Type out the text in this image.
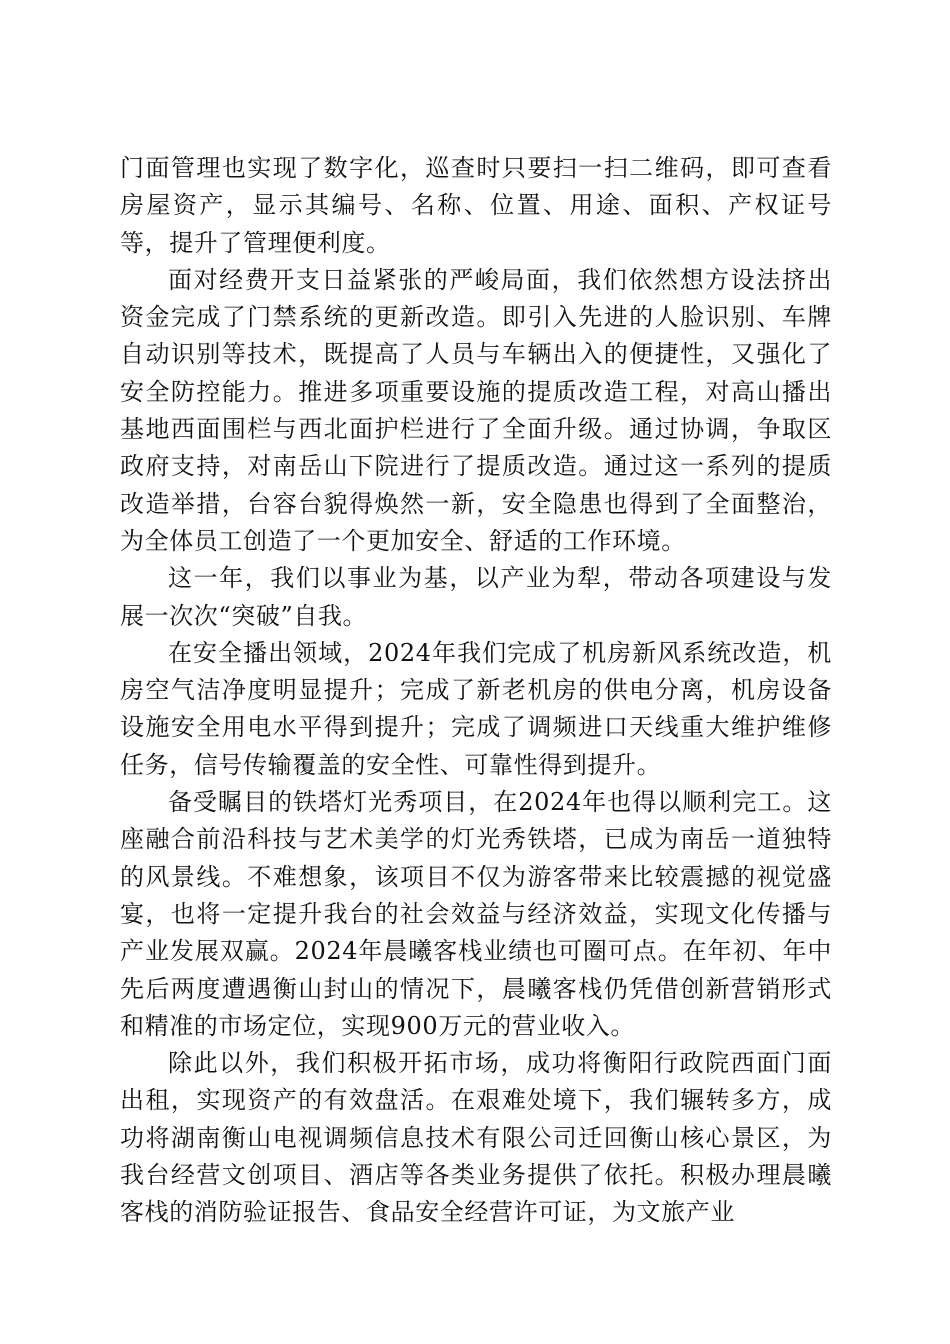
门面管理也实现了数字化，巡查时只要扫一扫二维码，即可查看房屋资产，显示其编号、名称、位置、用途、面积、产权证号等，提升了管理便利度。

面对经费开支日益紧张的严峻局面，我们依然想方设法挤出资金完成了门禁系统的更新改造。即引入先进的人脸识别、车牌自动识别等技术，既提高了人员与车辆出入的便捷性，又强化了安全防控能力。推进多项重要设施的提质改造工程，对高山播出基地西面围栏与西北面护栏进行了全面升级。通过协调，争取区政府支持，对南岳山下院进行了提质改造。通过这一系列的提质改造举措，台容台貌得焕然一新，安全隐患也得到了全面整治，为全体员工创造了一个更加安全、舒适的工作环境。

这一年，我们以事业为基，以产业为犁，带动各项建设与发展一次次“突破”自我。

在安全播出领域，2024年我们完成了机房新风系统改造，机房空气洁净度明显提升；完成了新老机房的供电分离，机房设备设施安全用电水平得到提升；完成了调频进口天线重大维护维修任务，信号传输覆盖的安全性、可靠性得到提升。

备受瞩目的铁塔灯光秀项目，在2024年也得以顺利完工。这座融合前沿科技与艺术美学的灯光秀铁塔，已成为南岳一道独特的风景线。不难想象，该项目不仅为游客带来比较震撼的视觉盛宴，也将一定提升我台的社会效益与经济效益，实现文化传播与产业发展双赢。2024年晨曦客栈业绩也可圈可点。在年初、年中先后两度遭遇衡山封山的情况下，晨曦客栈仍凭借创新营销形式和精准的市场定位，实现900万元的营业收入。

除此以外，我们积极开拓市场，成功将衡阳行政院西面门面出租，实现资产的有效盘活。在艰难处境下，我们辗转多方，成功将湖南衡山电视调频信息技术有限公司迁回衡山核心景区，为我台经营文创项目、酒店等各类业务提供了依托。积极办理晨曦客栈的消防验证报告、食品安全经营许可证，为文旅产业
